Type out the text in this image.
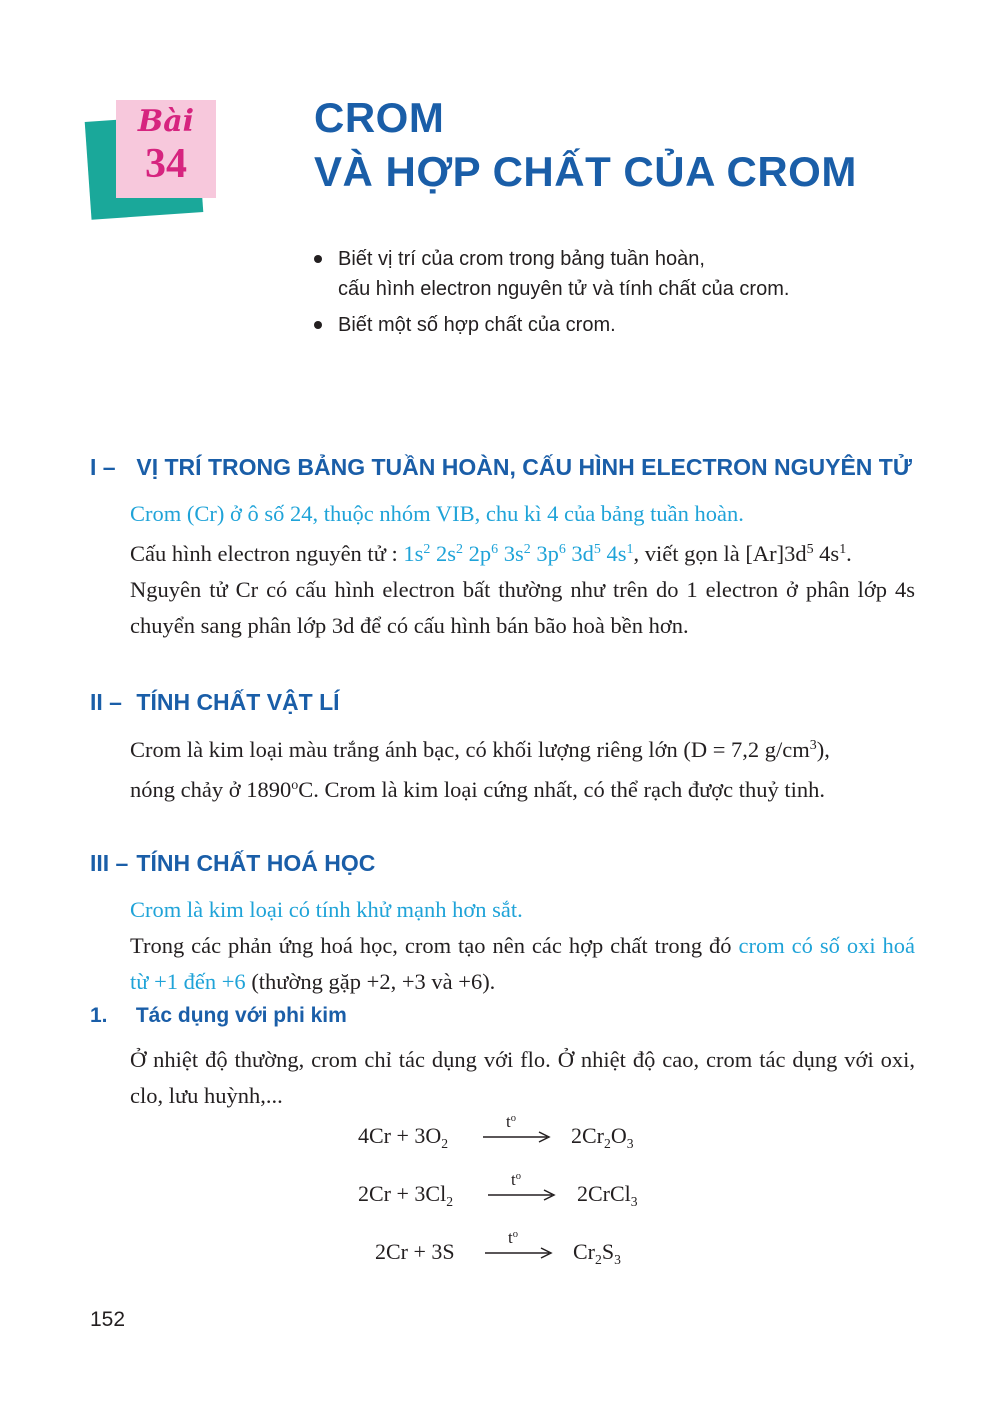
Bài
34
CROM
VÀ HỢP CHẤT CỦA CROM
Biết vị trí của crom trong bảng tuần hoàn,
cấu hình electron nguyên tử và tính chất của crom.
Biết một số hợp chất của crom.
I – VỊ TRÍ TRONG BẢNG TUẦN HOÀN, CẤU HÌNH ELECTRON NGUYÊN TỬ
Crom (Cr) ở ô số 24, thuộc nhóm VIB, chu kì 4 của bảng tuần hoàn.
Cấu hình electron nguyên tử : $1s^2$ $2s^2$ $2p^6$ $3s^2$ $3p^6$ $3d^5$ $4s^1$, viết gọn là $[Ar]3d^5$ $4s^1$.
Nguyên tử Cr có cấu hình electron bất thường như trên do 1 electron ở phân lớp 4s chuyển sang phân lớp 3d để có cấu hình bán bão hoà bền hơn.
II – TÍNH CHẤT VẬT LÍ
Crom là kim loại màu trắng ánh bạc, có khối lượng riêng lớn (D = 7,2 $g/cm^3$),
nóng chảy ở 1890$^o$C. Crom là kim loại cứng nhất, có thể rạch được thuỷ tinh.
III – TÍNH CHẤT HOÁ HỌC
Crom là kim loại có tính khử mạnh hơn sắt.
Trong các phản ứng hoá học, crom tạo nên các hợp chất trong đó crom có số oxi hoá từ +1 đến +6 (thường gặp +2, +3 và +6).
1. Tác dụng với phi kim
Ở nhiệt độ thường, crom chỉ tác dụng với flo. Ở nhiệt độ cao, crom tác dụng với oxi, clo, lưu huỳnh,...
$4Cr + 3O_2$
$t^o$
$2Cr_2O_3$
$2Cr + 3Cl_2$
$t^o$
2CrCl$_3$
2Cr + 3S
$t^o$
$Cr_2S_3$
152
